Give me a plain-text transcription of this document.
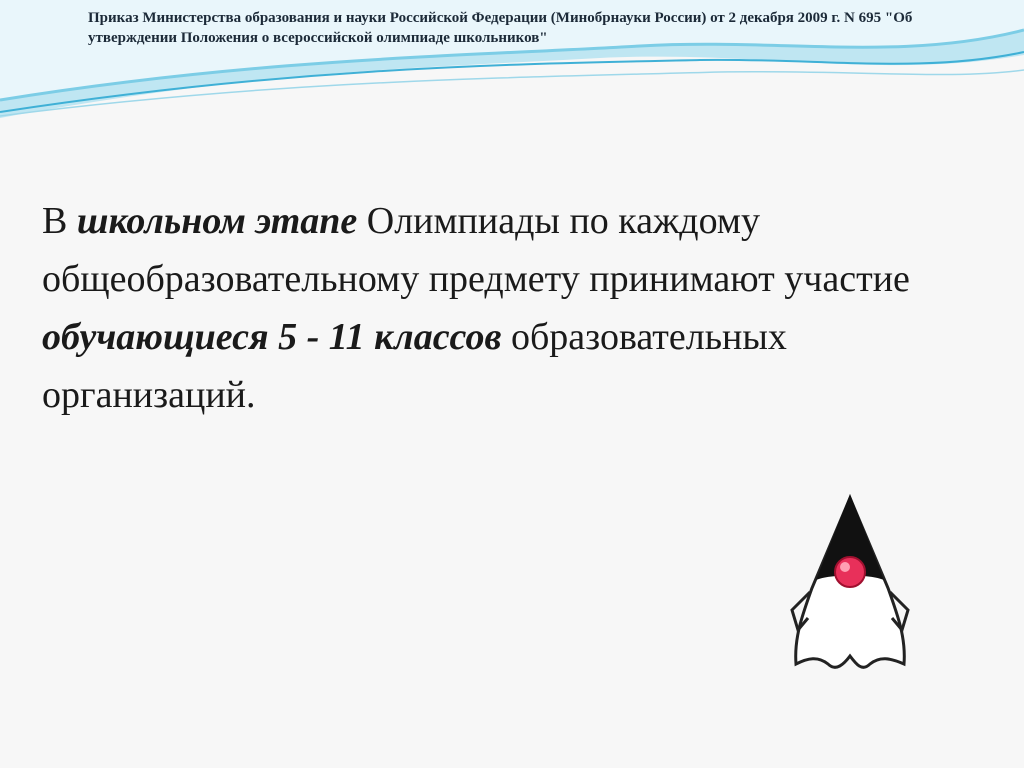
Приказ Министерства образования и науки Российской Федерации (Минобрнауки России) от 2 декабря 2009 г. N 695 "Об утверждении Положения о всероссийской олимпиаде школьников"
В школьном этапе Олимпиады по каждому общеобразовательному предмету принимают участие обучающиеся 5 - 11 классов образовательных организаций.
